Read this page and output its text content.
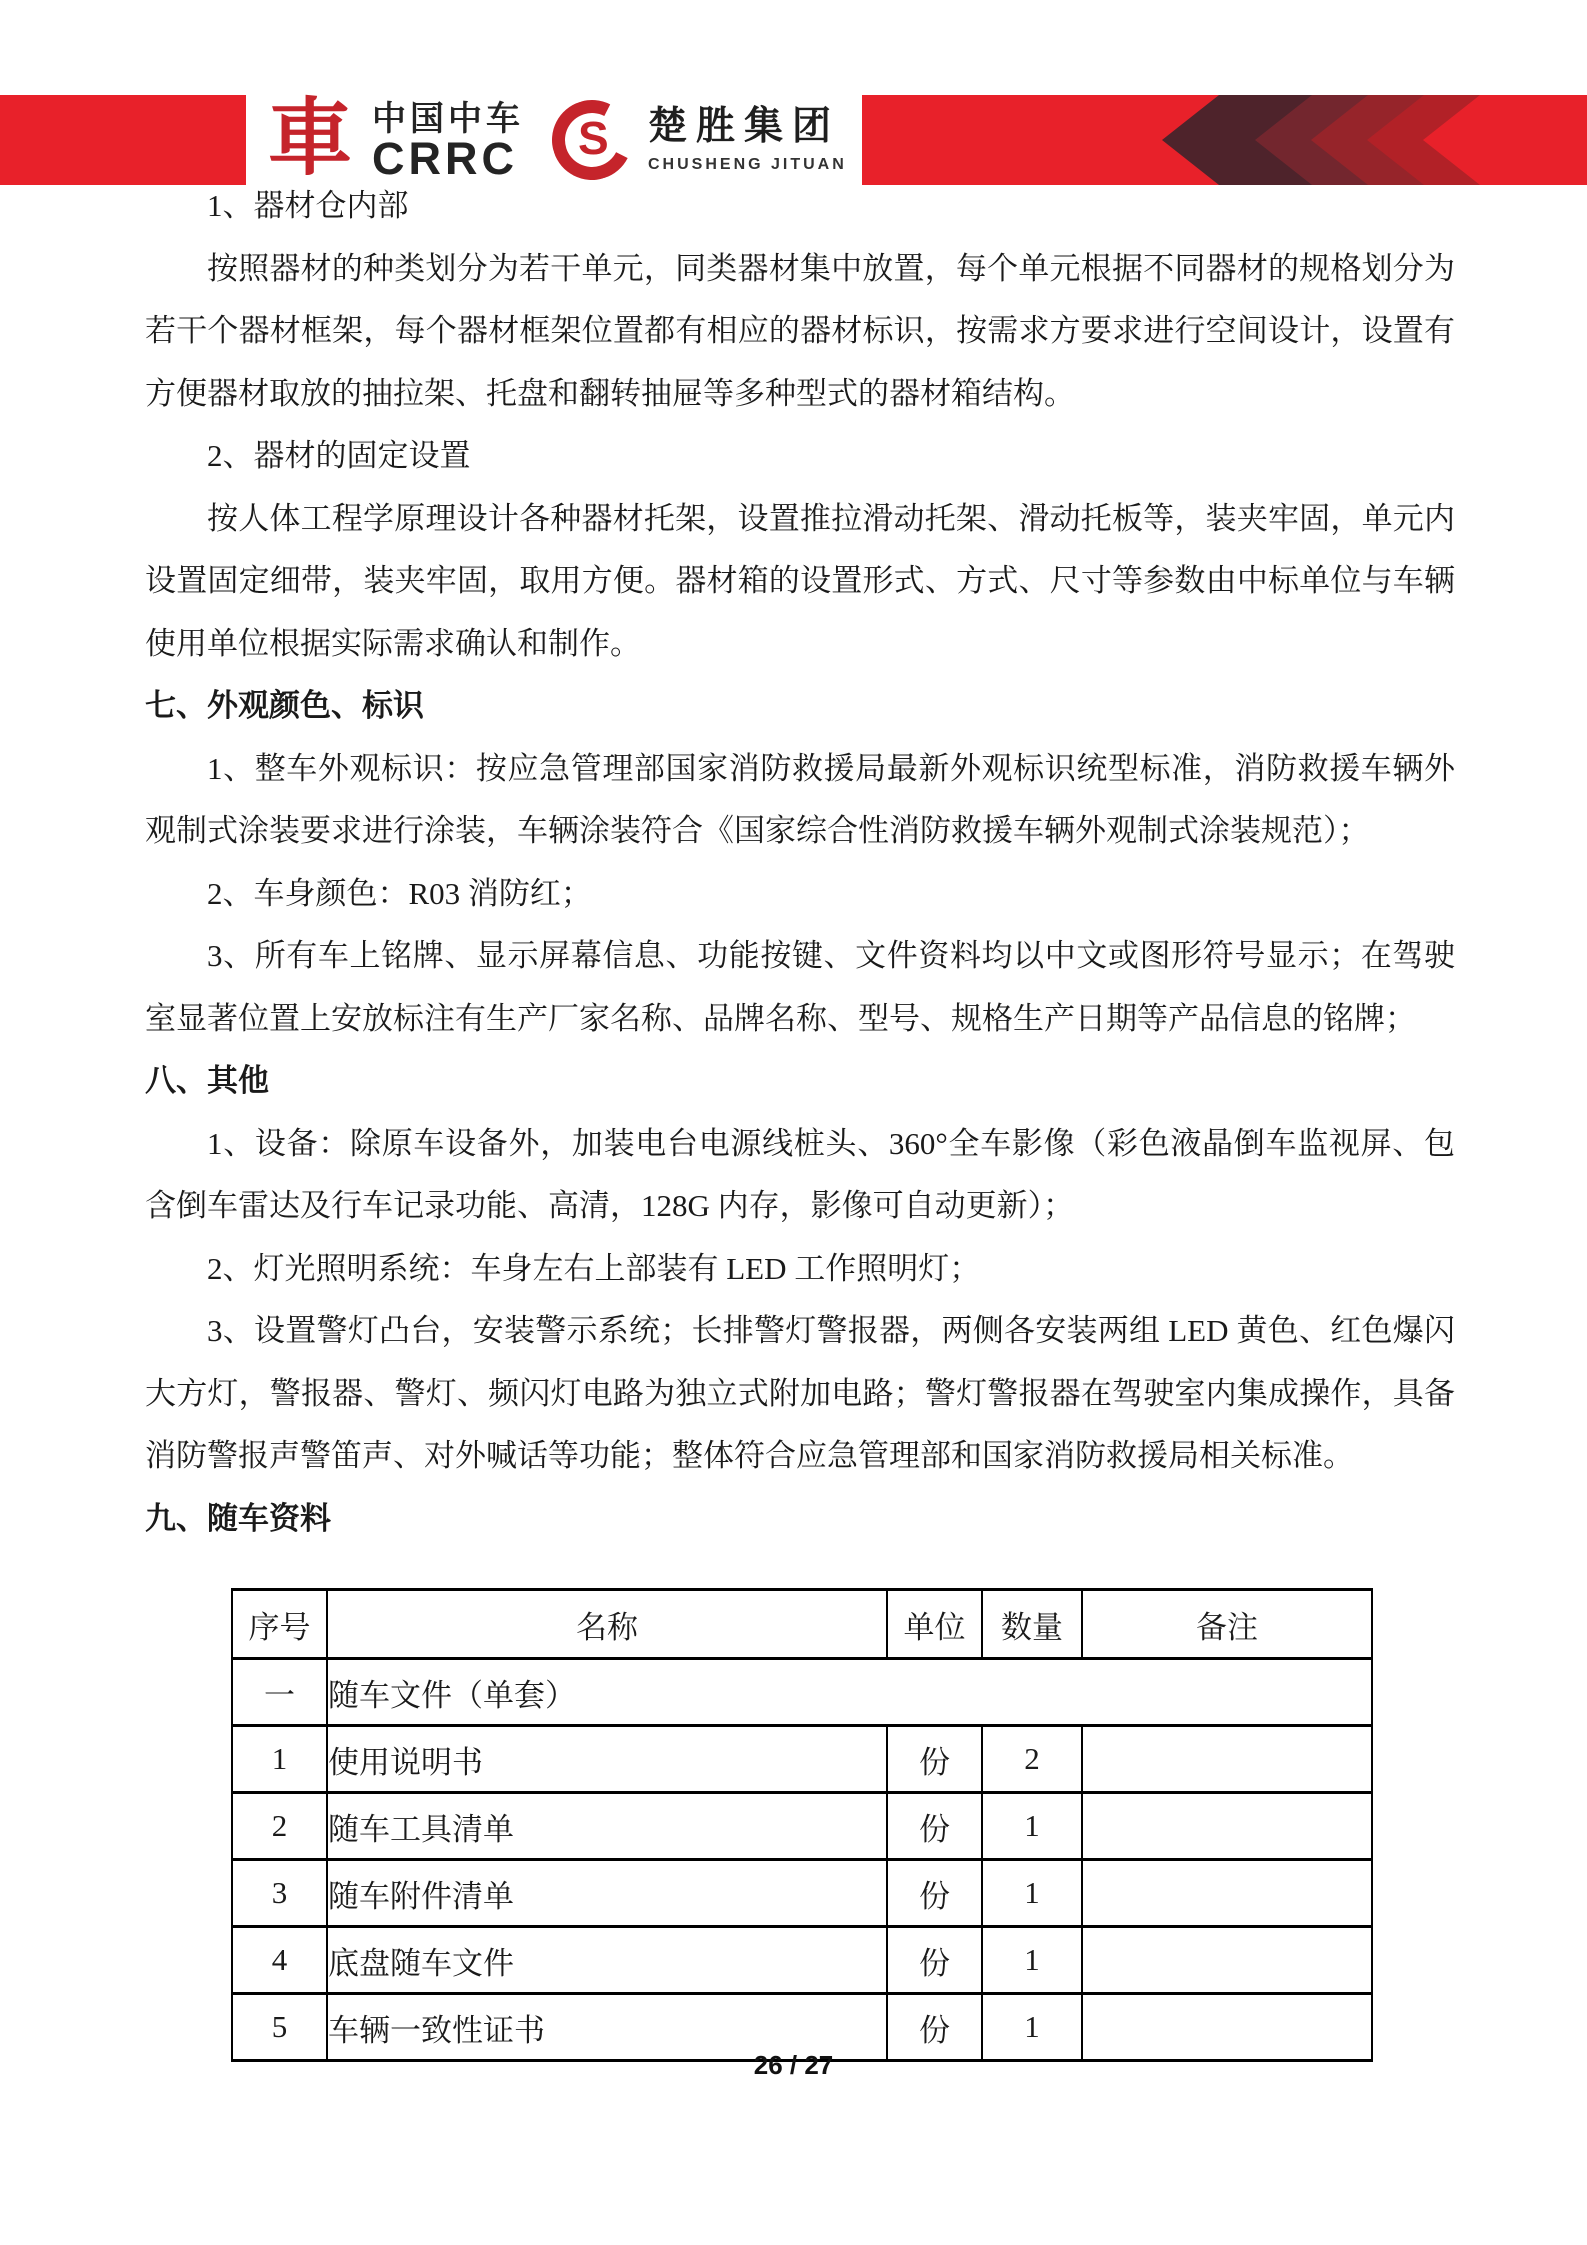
車 中国中车
CRRC S 楚胜集团
CHUSHENG JITUAN

1、器材仓内部

按照器材的种类划分为若干单元，同类器材集中放置，每个单元根据不同器材的规格划分为若干个器材框架，每个器材框架位置都有相应的器材标识，按需求方要求进行空间设计，设置有方便器材取放的抽拉架、托盘和翻转抽屉等多种型式的器材箱结构。

2、器材的固定设置

按人体工程学原理设计各种器材托架，设置推拉滑动托架、滑动托板等，装夹牢固，单元内设置固定细带，装夹牢固，取用方便。器材箱的设置形式、方式、尺寸等参数由中标单位与车辆使用单位根据实际需求确认和制作。

七、外观颜色、标识

1、整车外观标识：按应急管理部国家消防救援局最新外观标识统型标准，消防救援车辆外观制式涂装要求进行涂装，车辆涂装符合《国家综合性消防救援车辆外观制式涂装规范）；

2、车身颜色：R03 消防红；

3、所有车上铭牌、显示屏幕信息、功能按键、文件资料均以中文或图形符号显示；在驾驶室显著位置上安放标注有生产厂家名称、品牌名称、型号、规格生产日期等产品信息的铭牌；

八、其他

1、设备：除原车设备外，加装电台电源线桩头、360°全车影像（彩色液晶倒车监视屏、包含倒车雷达及行车记录功能、高清，128G 内存，影像可自动更新）；

2、灯光照明系统：车身左右上部装有 LED 工作照明灯；

3、设置警灯凸台，安装警示系统；长排警灯警报器，两侧各安装两组 LED 黄色、红色爆闪大方灯，警报器、警灯、频闪灯电路为独立式附加电路；警灯警报器在驾驶室内集成操作，具备消防警报声警笛声、对外喊话等功能；整体符合应急管理部和国家消防救援局相关标准。

九、随车资料

序号	名称	单位	数量	备注
一	随车文件（单套）			
1	使用说明书	份	2	
2	随车工具清单	份	1	
3	随车附件清单	份	1	
4	底盘随车文件	份	1	
5	车辆一致性证书	份	1	
26 / 27
